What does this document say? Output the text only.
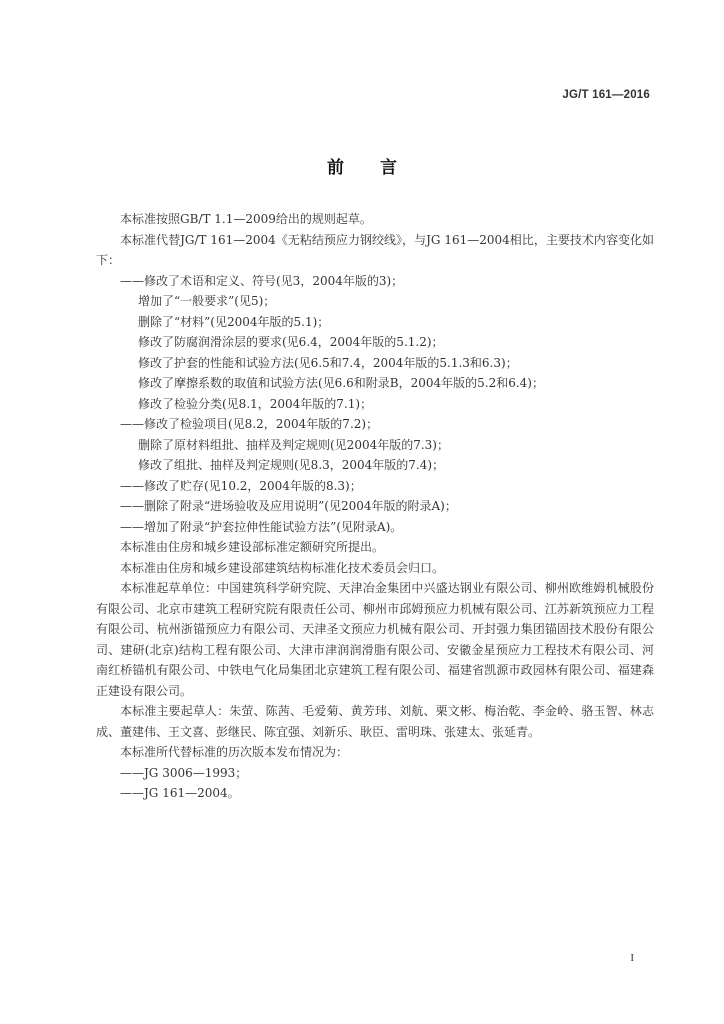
JG/T 161—2016
前言

本标准按照GB/T 1.1—2009给出的规则起草。

本标准代替JG/T 161—2004《无粘结预应力钢绞线》，与JG 161—2004相比，主要技术内容变化如下：

——修改了术语和定义、符号(见3，2004年版的3)；

增加了“一般要求”(见5)；

删除了“材料”(见2004年版的5.1)；

修改了防腐润滑涂层的要求(见6.4，2004年版的5.1.2)；

修改了护套的性能和试验方法(见6.5和7.4，2004年版的5.1.3和6.3)；

修改了摩擦系数的取值和试验方法(见6.6和附录B，2004年版的5.2和6.4)；

修改了检验分类(见8.1，2004年版的7.1)；

——修改了检验项目(见8.2，2004年版的7.2)；

删除了原材料组批、抽样及判定规则(见2004年版的7.3)；

修改了组批、抽样及判定规则(见8.3，2004年版的7.4)；

——修改了贮存(见10.2，2004年版的8.3)；

——删除了附录“进场验收及应用说明”(见2004年版的附录A)；

——增加了附录“护套拉伸性能试验方法”(见附录A)。

本标准由住房和城乡建设部标准定额研究所提出。

本标准由住房和城乡建设部建筑结构标准化技术委员会归口。

本标准起草单位：中国建筑科学研究院、天津冶金集团中兴盛达钢业有限公司、柳州欧维姆机械股份有限公司、北京市建筑工程研究院有限责任公司、柳州市邱姆预应力机械有限公司、江苏新筑预应力工程有限公司、杭州浙锚预应力有限公司、天津圣文预应力机械有限公司、开封强力集团锚固技术股份有限公司、建研(北京)结构工程有限公司、大津市津润润滑脂有限公司、安徽金星预应力工程技术有限公司、河南红桥锚机有限公司、中铁电气化局集团北京建筑工程有限公司、福建省凯源市政园林有限公司、福建森正建设有限公司。

本标准主要起草人：朱萤、陈茜、毛爱菊、黄芳玮、刘航、栗文彬、梅治乾、李金岭、骆玉智、林志成、董建伟、王文喜、彭继民、陈宜强、刘新乐、耿臣、雷明珠、张建太、张延青。

本标准所代替标准的历次版本发布情况为：

——JG 3006—1993；

——JG 161—2004。

I
